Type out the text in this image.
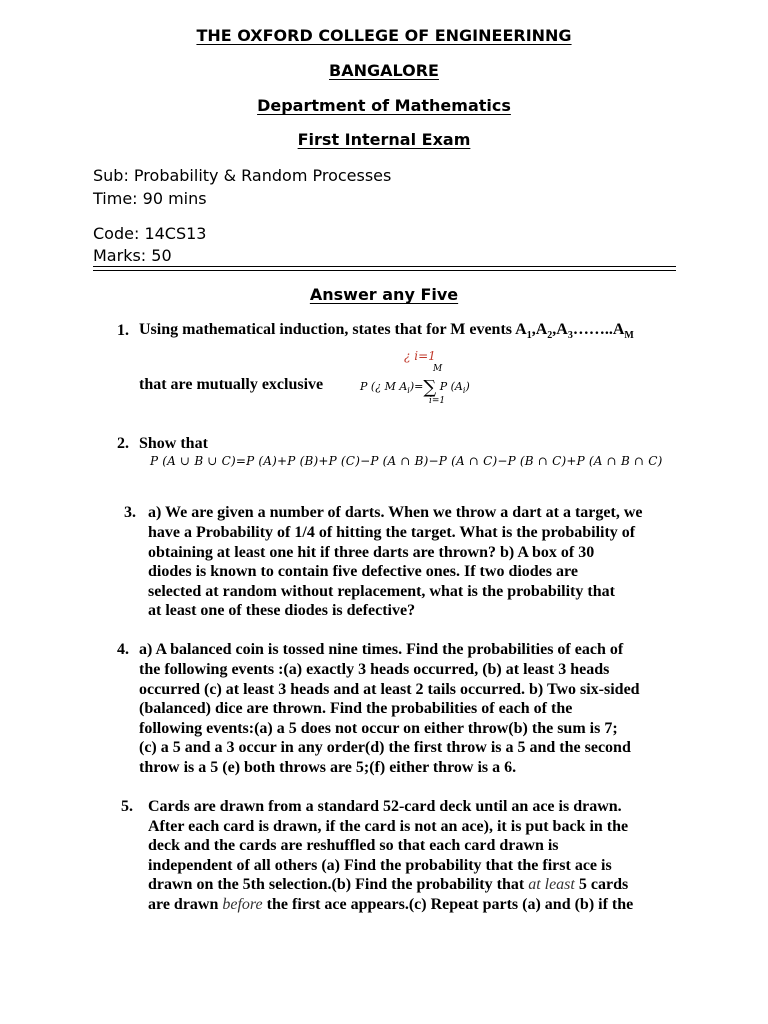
THE OXFORD COLLEGE OF ENGINEERINNG
BANGALORE
Department of Mathematics
First Internal Exam
Sub: Probability & Random Processes
Time: 90 mins
Code: 14CS13
Marks: 50
Answer any Five
1. Using mathematical induction, states that for M events $A_1,A_2,A_3\dots\dots..A_M$
that are mutually exclusive
¿ i=1
M
P (¿ M $A_i)=\sum$ P $(A_i)$
i=1
2. Show that
P (A ∪ B ∪ C)=P (A)+P (B)+P (C)−P (A ∩ B)−P (A ∩ C)−P (B ∩ C)+P (A ∩ B ∩ C)
3. a) We are given a number of darts. When we throw a dart at a target, we
have a Probability of 1/4 of hitting the target. What is the probability of
obtaining at least one hit if three darts are thrown? b) A box of 30
diodes is known to contain five defective ones. If two diodes are
selected at random without replacement, what is the probability that
at least one of these diodes is defective?
4. a) A balanced coin is tossed nine times. Find the probabilities of each of
the following events :(a) exactly 3 heads occurred, (b) at least 3 heads
occurred (c) at least 3 heads and at least 2 tails occurred. b) Two six-sided
(balanced) dice are thrown. Find the probabilities of each of the
following events:(a) a 5 does not occur on either throw(b) the sum is 7;
(c) a 5 and a 3 occur in any order(d) the first throw is a 5 and the second
throw is a 5 (e) both throws are 5;(f) either throw is a 6.
5. Cards are drawn from a standard 52-card deck until an ace is drawn.
After each card is drawn, if the card is not an ace), it is put back in the
deck and the cards are reshuffled so that each card drawn is
independent of all others (a) Find the probability that the first ace is
drawn on the 5th selection.(b) Find the probability that at least 5 cards
are drawn before the first ace appears.(c) Repeat parts (a) and (b) if the
